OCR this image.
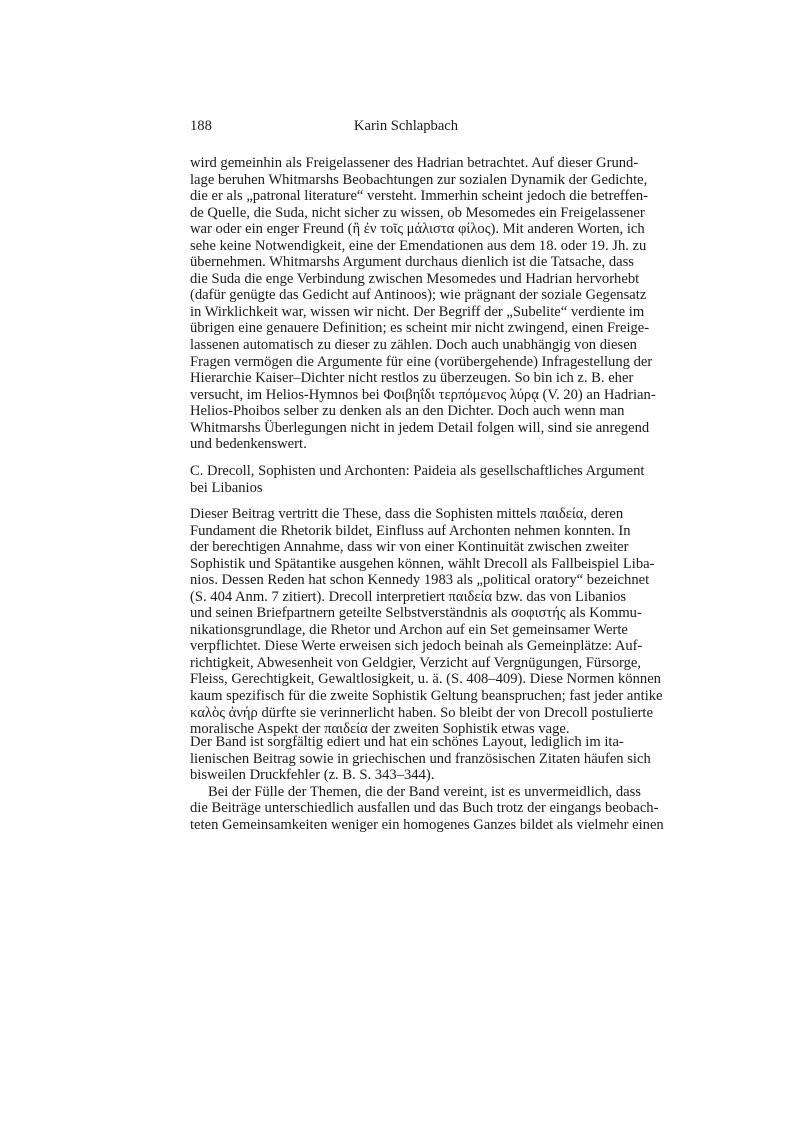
188	Karin Schlapbach
wird gemeinhin als Freigelassener des Hadrian betrachtet. Auf dieser Grund-
lage beruhen Whitmarshs Beobachtungen zur sozialen Dynamik der Gedichte,
die er als „patronal literature“ versteht. Immerhin scheint jedoch die betreffen-
de Quelle, die Suda, nicht sicher zu wissen, ob Mesomedes ein Freigelassener
war oder ein enger Freund (ἢ ἐν τοῖς μάλιστα φίλος). Mit anderen Worten, ich
sehe keine Notwendigkeit, eine der Emendationen aus dem 18. oder 19. Jh. zu
übernehmen. Whitmarshs Argument durchaus dienlich ist die Tatsache, dass
die Suda die enge Verbindung zwischen Mesomedes und Hadrian hervorhebt
(dafür genügte das Gedicht auf Antinoos); wie prägnant der soziale Gegensatz
in Wirklichkeit war, wissen wir nicht. Der Begriff der „Subelite“ verdiente im
übrigen eine genauere Definition; es scheint mir nicht zwingend, einen Freige-
lassenen automatisch zu dieser zu zählen. Doch auch unabhängig von diesen
Fragen vermögen die Argumente für eine (vorübergehende) Infragestellung der
Hierarchie Kaiser–Dichter nicht restlos zu überzeugen. So bin ich z. B. eher
versucht, im Helios-Hymnos bei Φοιβηΐδι τερπόμενος λύρᾳ (V. 20) an Hadrian-
Helios-Phoibos selber zu denken als an den Dichter. Doch auch wenn man
Whitmarshs Überlegungen nicht in jedem Detail folgen will, sind sie anregend
und bedenkenswert.
C. Drecoll, Sophisten und Archonten: Paideia als gesellschaftliches Argument
bei Libanios
Dieser Beitrag vertritt die These, dass die Sophisten mittels παιδεία, deren
Fundament die Rhetorik bildet, Einfluss auf Archonten nehmen konnten. In
der berechtigen Annahme, dass wir von einer Kontinuität zwischen zweiter
Sophistik und Spätantike ausgehen können, wählt Drecoll als Fallbeispiel Liba-
nios. Dessen Reden hat schon Kennedy 1983 als „political oratory“ bezeichnet
(S. 404 Anm. 7 zitiert). Drecoll interpretiert παιδεία bzw. das von Libanios
und seinen Briefpartnern geteilte Selbstverständnis als σοφιστής als Kommu-
nikationsgrundlage, die Rhetor und Archon auf ein Set gemeinsamer Werte
verpflichtet. Diese Werte erweisen sich jedoch beinah als Gemeinplätze: Auf-
richtigkeit, Abwesenheit von Geldgier, Verzicht auf Vergnügungen, Fürsorge,
Fleiss, Gerechtigkeit, Gewaltlosigkeit, u. ä. (S. 408–409). Diese Normen können
kaum spezifisch für die zweite Sophistik Geltung beanspruchen; fast jeder antike
καλὸς ἀνήρ dürfte sie verinnerlicht haben. So bleibt der von Drecoll postulierte
moralische Aspekt der παιδεία der zweiten Sophistik etwas vage.
Der Band ist sorgfältig ediert und hat ein schönes Layout, lediglich im ita-
lienischen Beitrag sowie in griechischen und französischen Zitaten häufen sich
bisweilen Druckfehler (z. B. S. 343–344).
Bei der Fülle der Themen, die der Band vereint, ist es unvermeidlich, dass
die Beiträge unterschiedlich ausfallen und das Buch trotz der eingangs beobach-
teten Gemeinsamkeiten weniger ein homogenes Ganzes bildet als vielmehr einen
